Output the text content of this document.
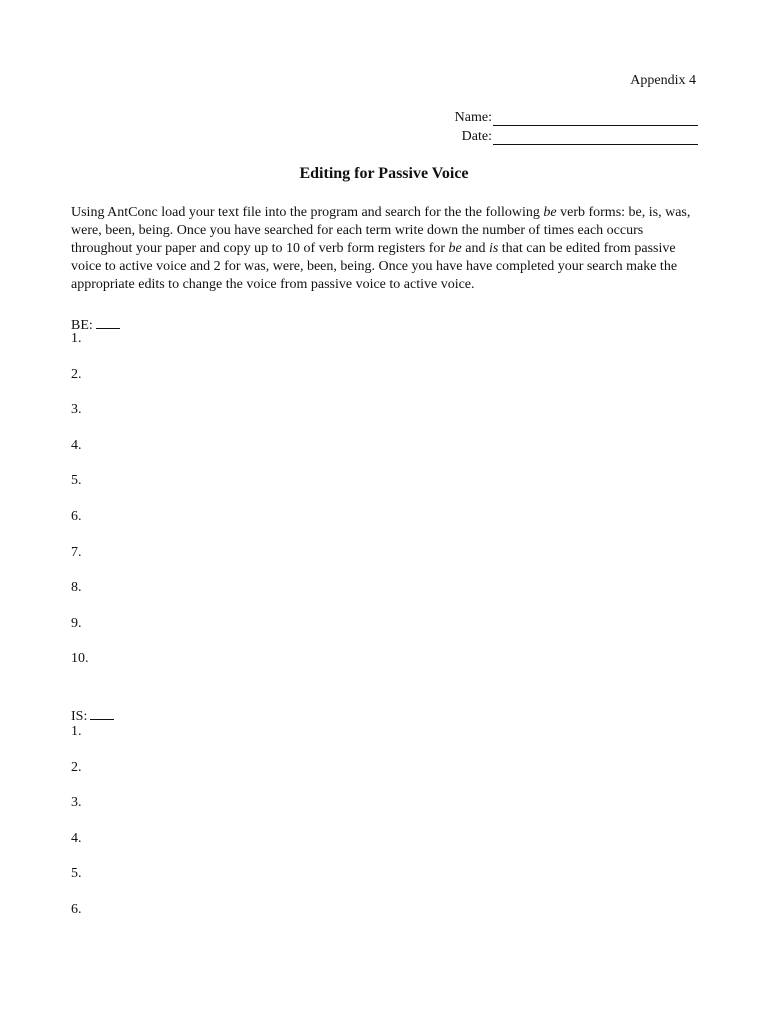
Appendix 4
Name:
Date:
Editing for Passive Voice
Using AntConc load your text file into the program and search for the the following be verb forms: be, is, was, were, been, being. Once you have searched for each term write down the number of times each occurs throughout your paper and copy up to 10 of verb form registers for be and is that can be edited from passive voice to active voice and 2 for was, were, been, being. Once you have have completed your search make the appropriate edits to change the voice from passive voice to active voice.
BE:
1.
2.
3.
4.
5.
6.
7.
8.
9.
10.
IS:
1.
2.
3.
4.
5.
6.
